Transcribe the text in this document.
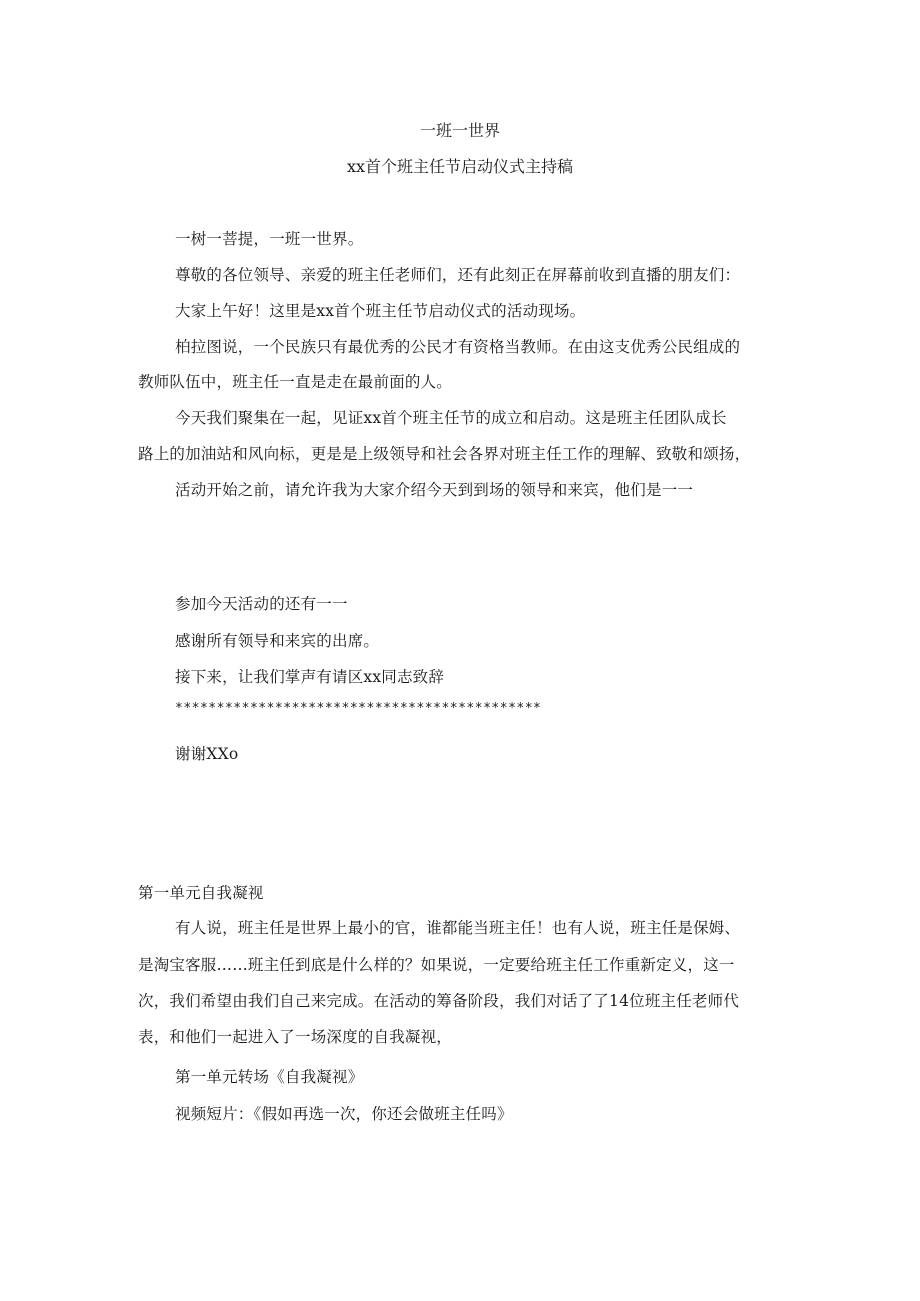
一班一世界
xx首个班主任节启动仪式主持稿
一树一菩提，一班一世界。
尊敬的各位领导、亲爱的班主任老师们，还有此刻正在屏幕前收到直播的朋友们：
大家上午好！这里是xx首个班主任节启动仪式的活动现场。
柏拉图说，一个民族只有最优秀的公民才有资格当教师。在由这支优秀公民组成的
教师队伍中，班主任一直是走在最前面的人。
今天我们聚集在一起，见证xx首个班主任节的成立和启动。这是班主任团队成长
路上的加油站和风向标，更是是上级领导和社会各界对班主任工作的理解、致敬和颂扬，
活动开始之前，请允许我为大家介绍今天到到场的领导和来宾，他们是一一
参加今天活动的还有一一
感谢所有领导和来宾的出席。
接下来，让我们掌声有请区xx同志致辞
********************************************
谢谢XXo
第一单元自我凝视
有人说，班主任是世界上最小的官，谁都能当班主任！也有人说，班主任是保姆、
是淘宝客服……班主任到底是什么样的？如果说，一定要给班主任工作重新定义，这一
次，我们希望由我们自己来完成。在活动的筹备阶段，我们对话了了14位班主任老师代
表，和他们一起进入了一场深度的自我凝视，
第一单元转场《自我凝视》
视频短片：《假如再选一次，你还会做班主任吗》
